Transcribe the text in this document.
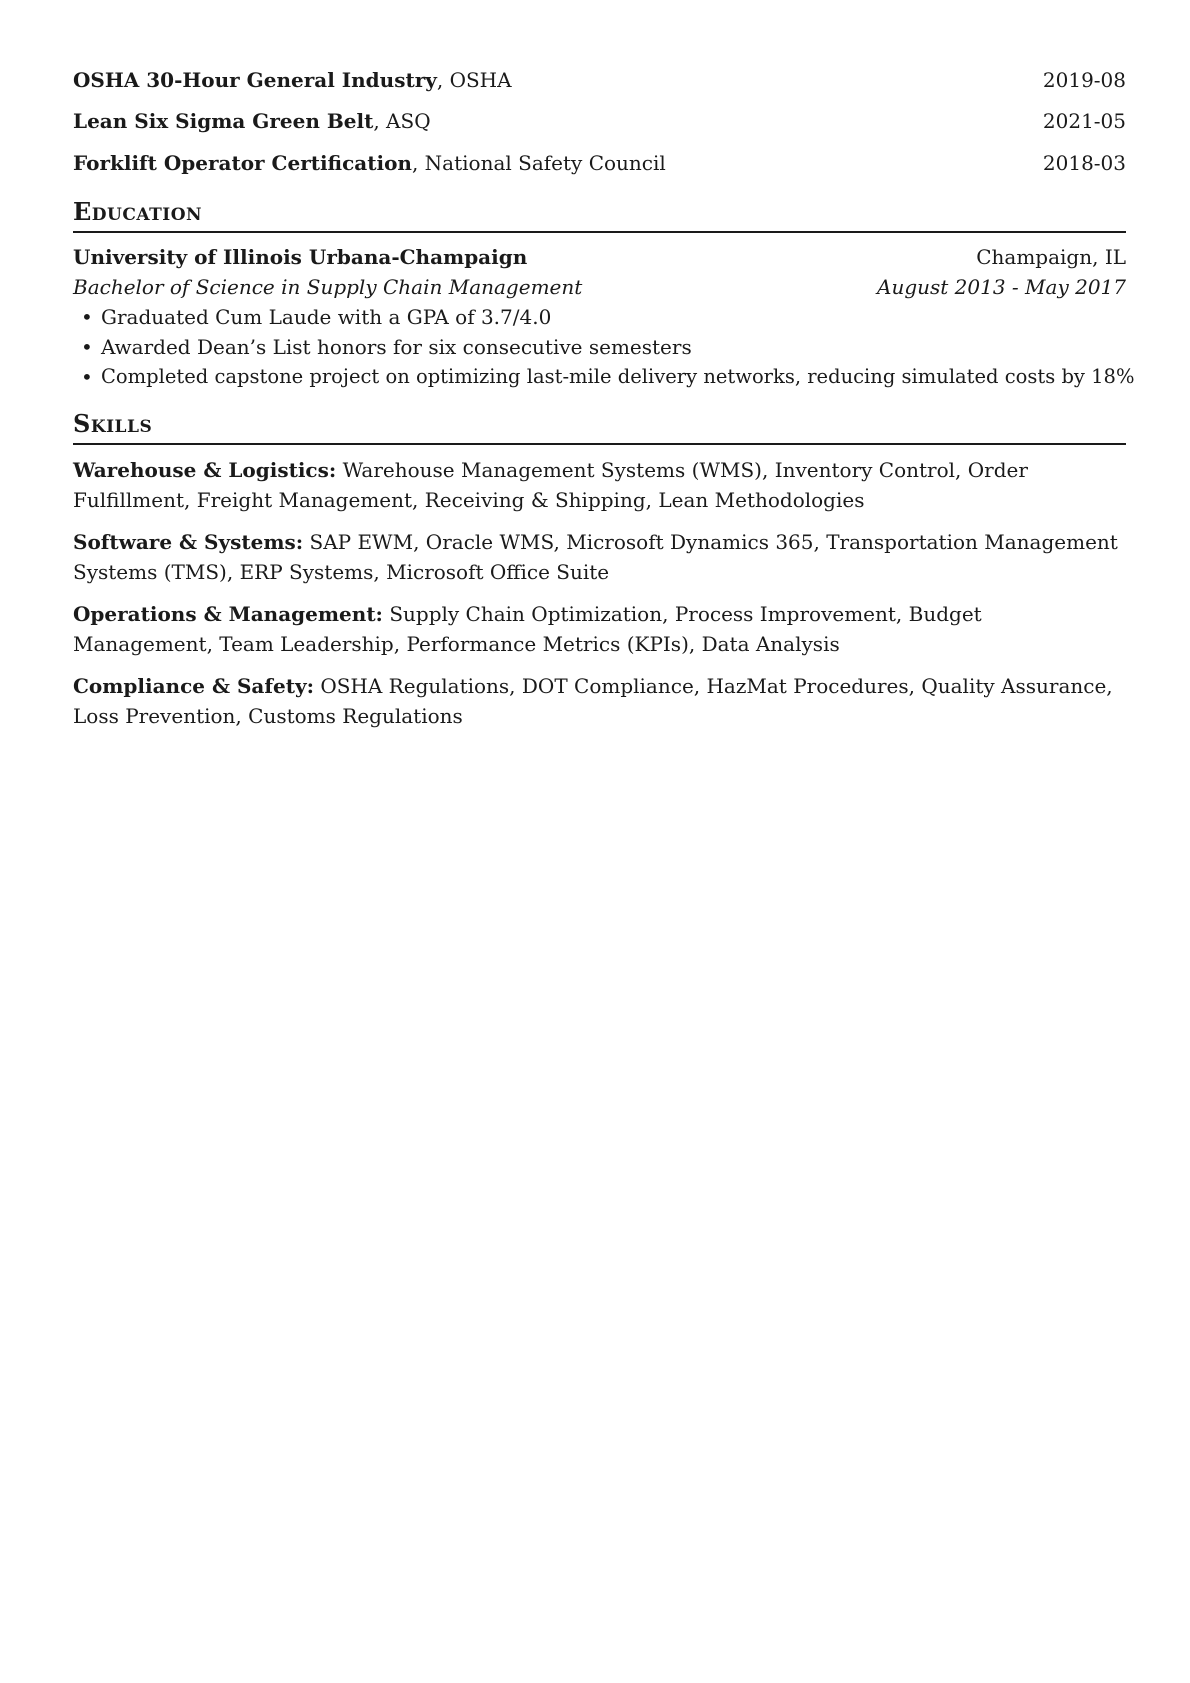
OSHA 30-Hour General Industry, OSHA	2019-08
Lean Six Sigma Green Belt, ASQ	2021-05
Forklift Operator Certification, National Safety Council	2018-03
Education
University of Illinois Urbana-Champaign	Champaign, IL
Bachelor of Science in Supply Chain Management	August 2013 - May 2017
• Graduated Cum Laude with a GPA of 3.7/4.0
• Awarded Dean’s List honors for six consecutive semesters
• Completed capstone project on optimizing last-mile delivery networks, reducing simulated costs by 18%
Skills
Warehouse & Logistics: Warehouse Management Systems (WMS), Inventory Control, Order Fulfillment, Freight Management, Receiving & Shipping, Lean Methodologies
Software & Systems: SAP EWM, Oracle WMS, Microsoft Dynamics 365, Transportation Management Systems (TMS), ERP Systems, Microsoft Office Suite
Operations & Management: Supply Chain Optimization, Process Improvement, Budget Management, Team Leadership, Performance Metrics (KPIs), Data Analysis
Compliance & Safety: OSHA Regulations, DOT Compliance, HazMat Procedures, Quality Assurance, Loss Prevention, Customs Regulations
